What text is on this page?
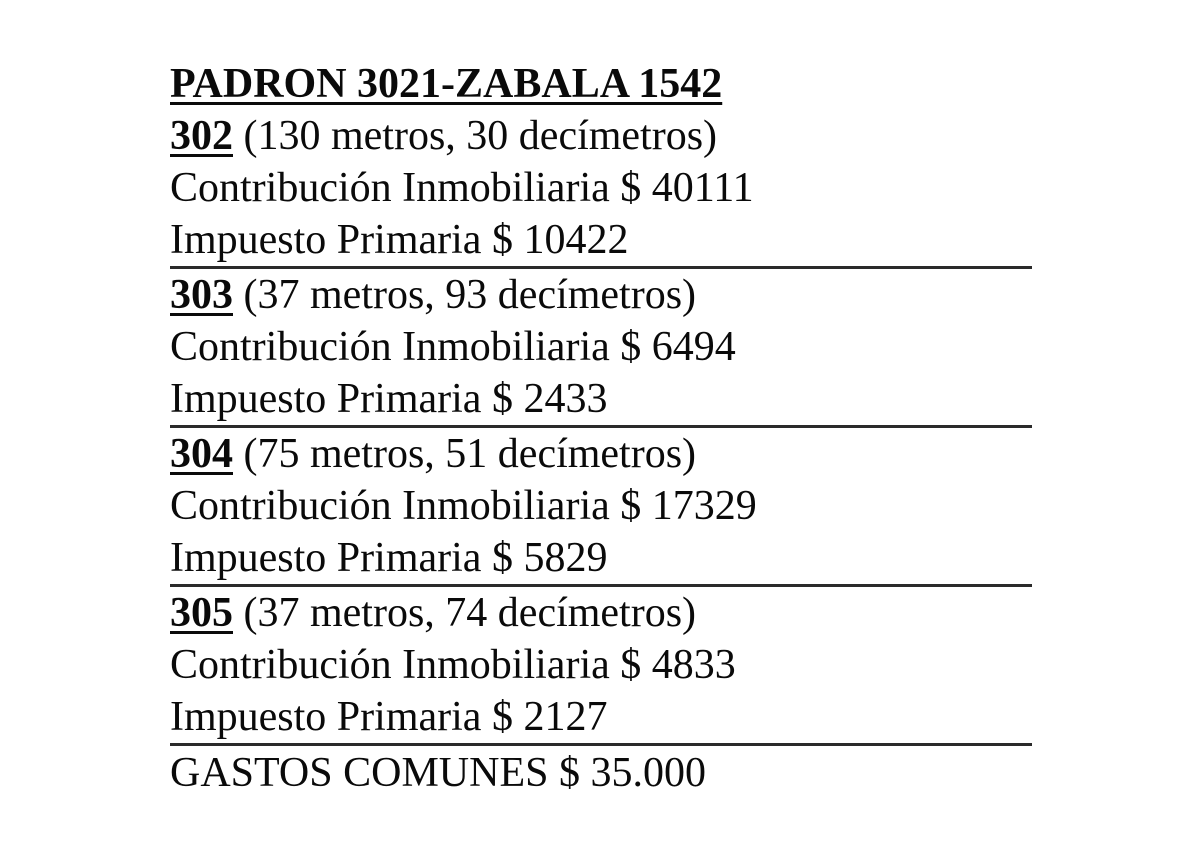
PADRON 3021-ZABALA 1542
302 (130 metros, 30 decímetros)
Contribución Inmobiliaria $ 40111
Impuesto Primaria $ 10422
303 (37 metros, 93 decímetros)
Contribución Inmobiliaria $ 6494
Impuesto Primaria $ 2433
304 (75 metros, 51 decímetros)
Contribución Inmobiliaria $ 17329
Impuesto Primaria $ 5829
305 (37 metros, 74 decímetros)
Contribución Inmobiliaria $ 4833
Impuesto Primaria $ 2127
GASTOS COMUNES $ 35.000
